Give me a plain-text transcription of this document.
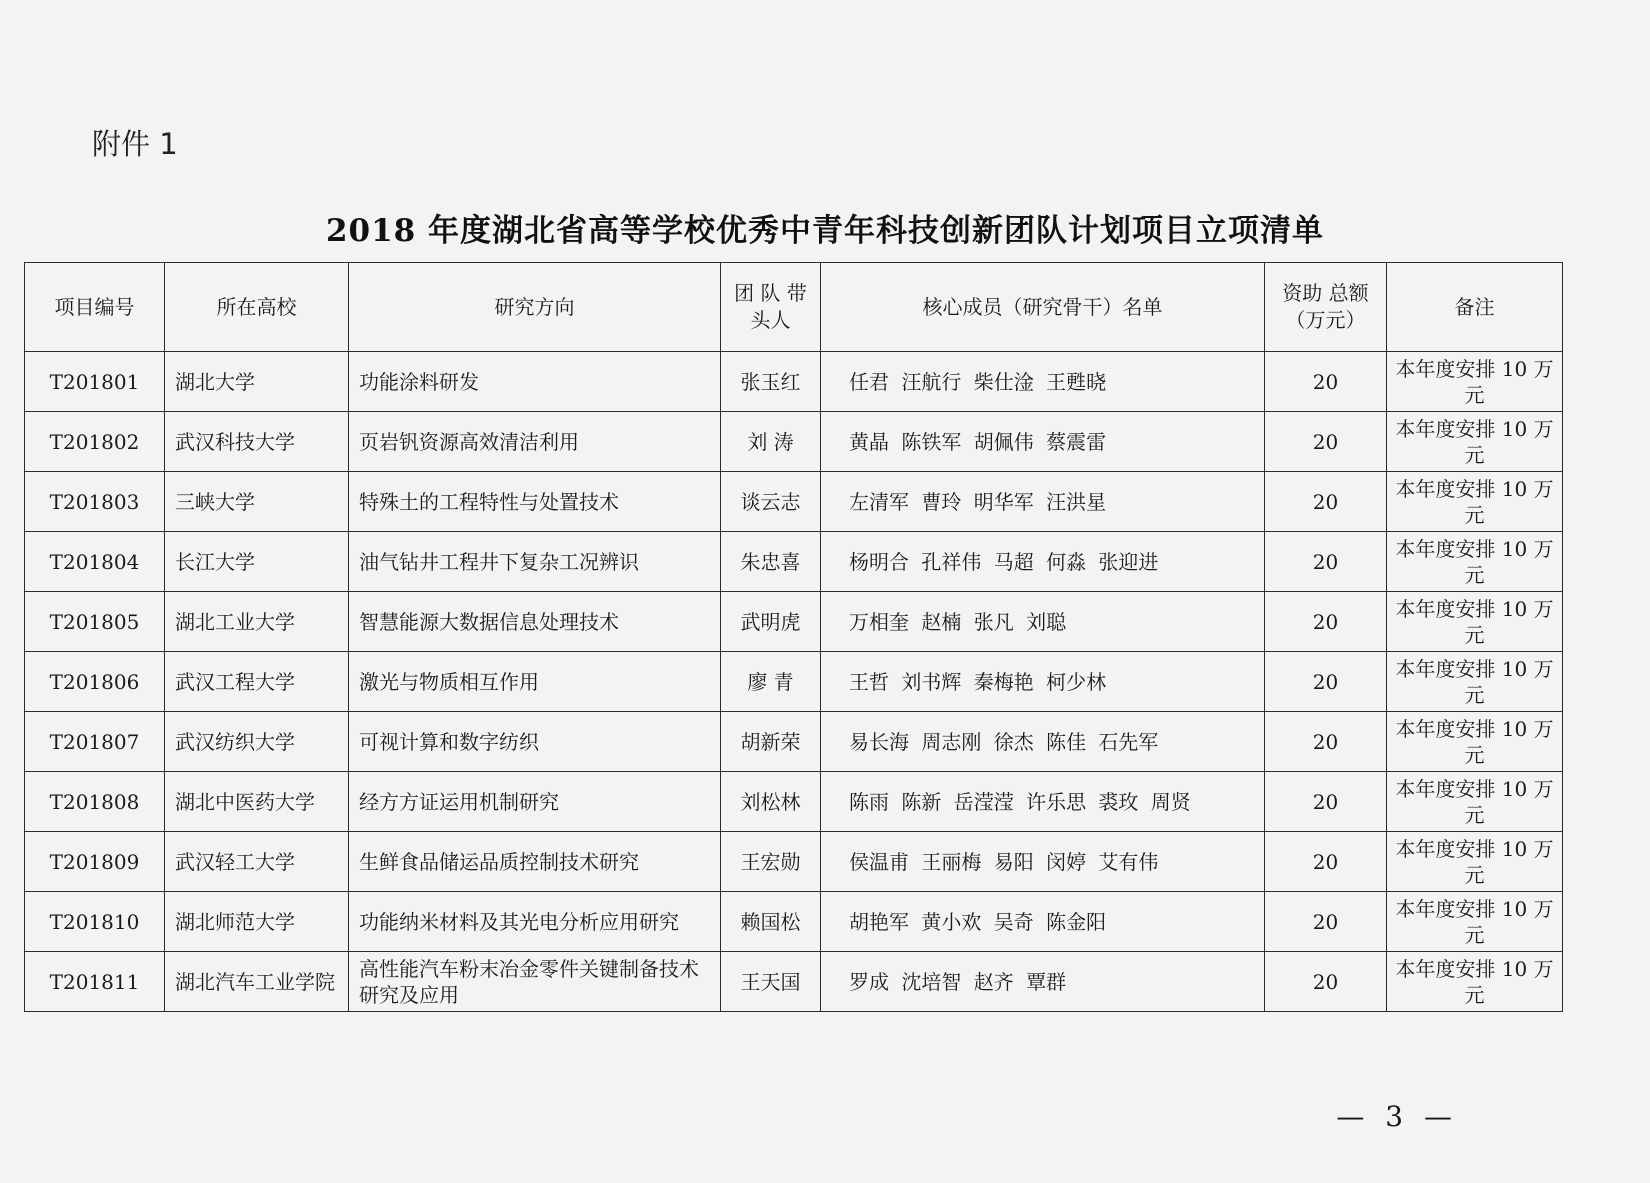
附件 1
2018 年度湖北省高等学校优秀中青年科技创新团队计划项目立项清单
项目编号	所在高校	研究方向	团 队 带头人	核心成员（研究骨干）名单	资助 总额 （万元）	备注
T201801	湖北大学	功能涂料研发	张玉红	任君 汪航行 柴仕淦 王甦晓	20	本年度安排 10 万元
T201802	武汉科技大学	页岩钒资源高效清洁利用	刘 涛	黄晶 陈铁军 胡佩伟 蔡震雷	20	本年度安排 10 万元
T201803	三峡大学	特殊土的工程特性与处置技术	谈云志	左清军 曹玲 明华军 汪洪星	20	本年度安排 10 万元
T201804	长江大学	油气钻井工程井下复杂工况辨识	朱忠喜	杨明合 孔祥伟 马超 何淼 张迎进	20	本年度安排 10 万元
T201805	湖北工业大学	智慧能源大数据信息处理技术	武明虎	万相奎 赵楠 张凡 刘聪	20	本年度安排 10 万元
T201806	武汉工程大学	激光与物质相互作用	廖 青	王哲 刘书辉 秦梅艳 柯少林	20	本年度安排 10 万元
T201807	武汉纺织大学	可视计算和数字纺织	胡新荣	易长海 周志刚 徐杰 陈佳 石先军	20	本年度安排 10 万元
T201808	湖北中医药大学	经方方证运用机制研究	刘松林	陈雨 陈新 岳滢滢 许乐思 裘玫 周贤	20	本年度安排 10 万元
T201809	武汉轻工大学	生鲜食品储运品质控制技术研究	王宏勋	侯温甫 王丽梅 易阳 闵婷 艾有伟	20	本年度安排 10 万元
T201810	湖北师范大学	功能纳米材料及其光电分析应用研究	赖国松	胡艳军 黄小欢 吴奇 陈金阳	20	本年度安排 10 万元
T201811	湖北汽车工业学院	高性能汽车粉末冶金零件关键制备技术研究及应用	王天国	罗成 沈培智 赵齐 覃群	20	本年度安排 10 万元
— 3 —
